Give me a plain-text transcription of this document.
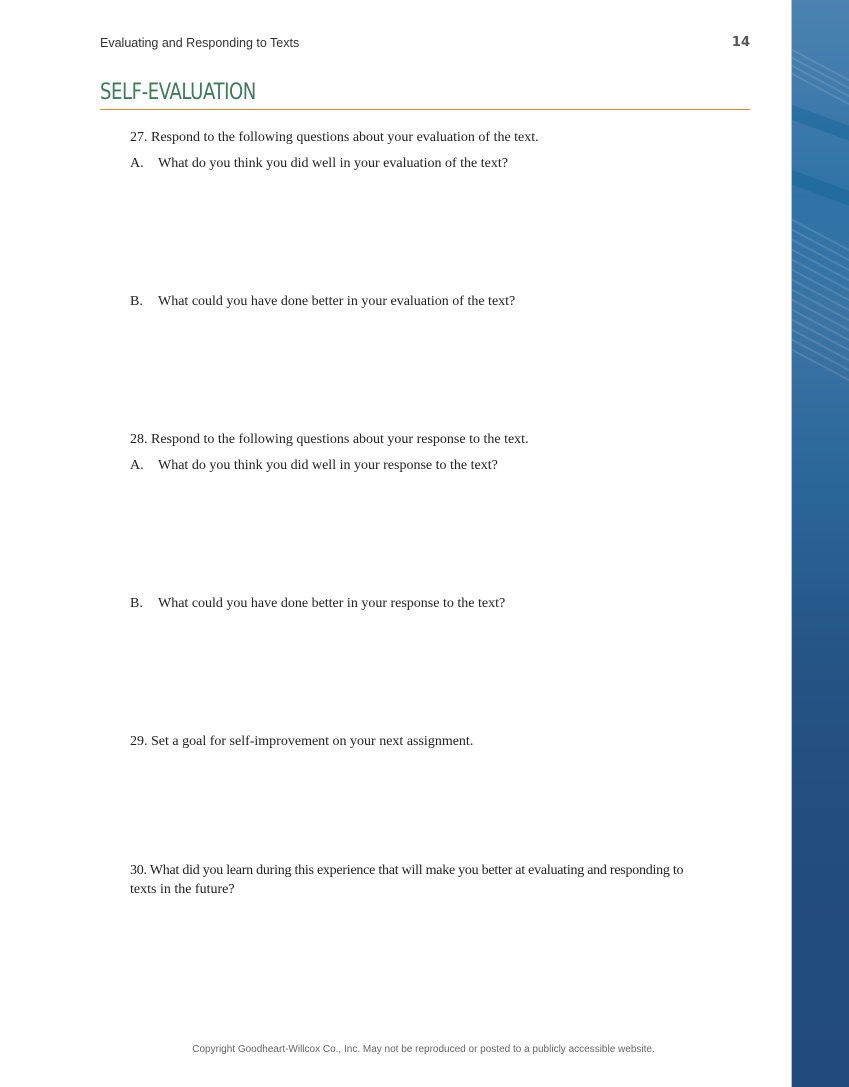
Evaluating and Responding to Texts	14
SELF-EVALUATION
27. Respond to the following questions about your evaluation of the text.
A. What do you think you did well in your evaluation of the text?
B. What could you have done better in your evaluation of the text?
28. Respond to the following questions about your response to the text.
A. What do you think you did well in your response to the text?
B. What could you have done better in your response to the text?
29. Set a goal for self-improvement on your next assignment.
30. What did you learn during this experience that will make you better at evaluating and responding to
texts in the future?
Copyright Goodheart-Willcox Co., Inc. May not be reproduced or posted to a publicly accessible website.
